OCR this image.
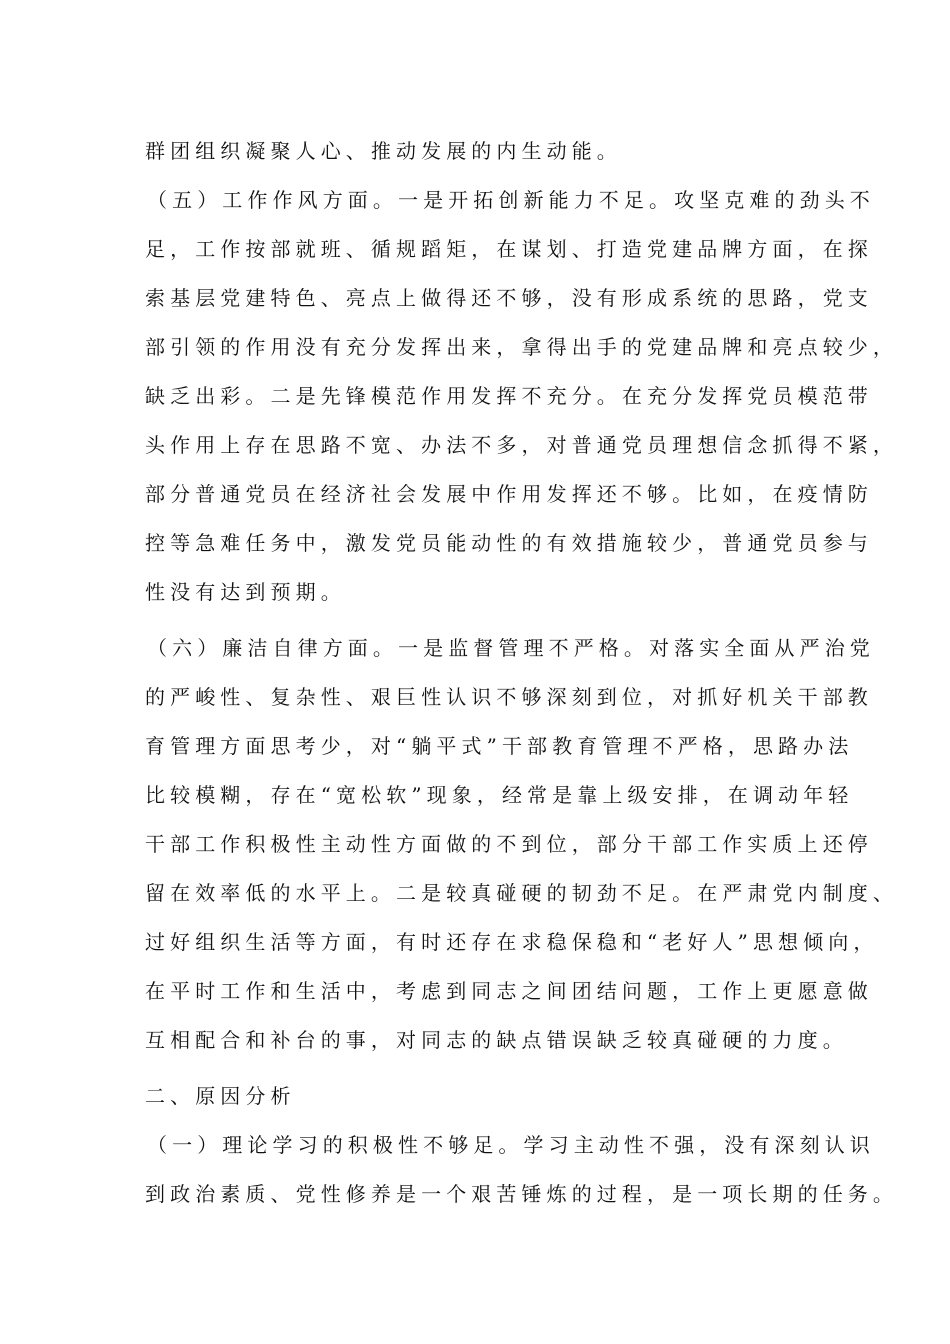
群团组织凝聚人心、推动发展的内生动能。
（五）工作作风方面。一是开拓创新能力不足。攻坚克难的劲头不
足，工作按部就班、循规蹈矩，在谋划、打造党建品牌方面，在探
索基层党建特色、亮点上做得还不够，没有形成系统的思路，党支
部引领的作用没有充分发挥出来，拿得出手的党建品牌和亮点较少，
缺乏出彩。二是先锋模范作用发挥不充分。在充分发挥党员模范带
头作用上存在思路不宽、办法不多，对普通党员理想信念抓得不紧，
部分普通党员在经济社会发展中作用发挥还不够。比如，在疫情防
控等急难任务中，激发党员能动性的有效措施较少，普通党员参与
性没有达到预期。
（六）廉洁自律方面。一是监督管理不严格。对落实全面从严治党
的严峻性、复杂性、艰巨性认识不够深刻到位，对抓好机关干部教
育管理方面思考少，对“躺平式”干部教育管理不严格，思路办法
比较模糊，存在“宽松软”现象，经常是靠上级安排，在调动年轻
干部工作积极性主动性方面做的不到位，部分干部工作实质上还停
留在效率低的水平上。二是较真碰硬的韧劲不足。在严肃党内制度、
过好组织生活等方面，有时还存在求稳保稳和“老好人”思想倾向，
在平时工作和生活中，考虑到同志之间团结问题，工作上更愿意做
互相配合和补台的事，对同志的缺点错误缺乏较真碰硬的力度。
二、原因分析
（一）理论学习的积极性不够足。学习主动性不强，没有深刻认识
到政治素质、党性修养是一个艰苦锤炼的过程，是一项长期的任务。
